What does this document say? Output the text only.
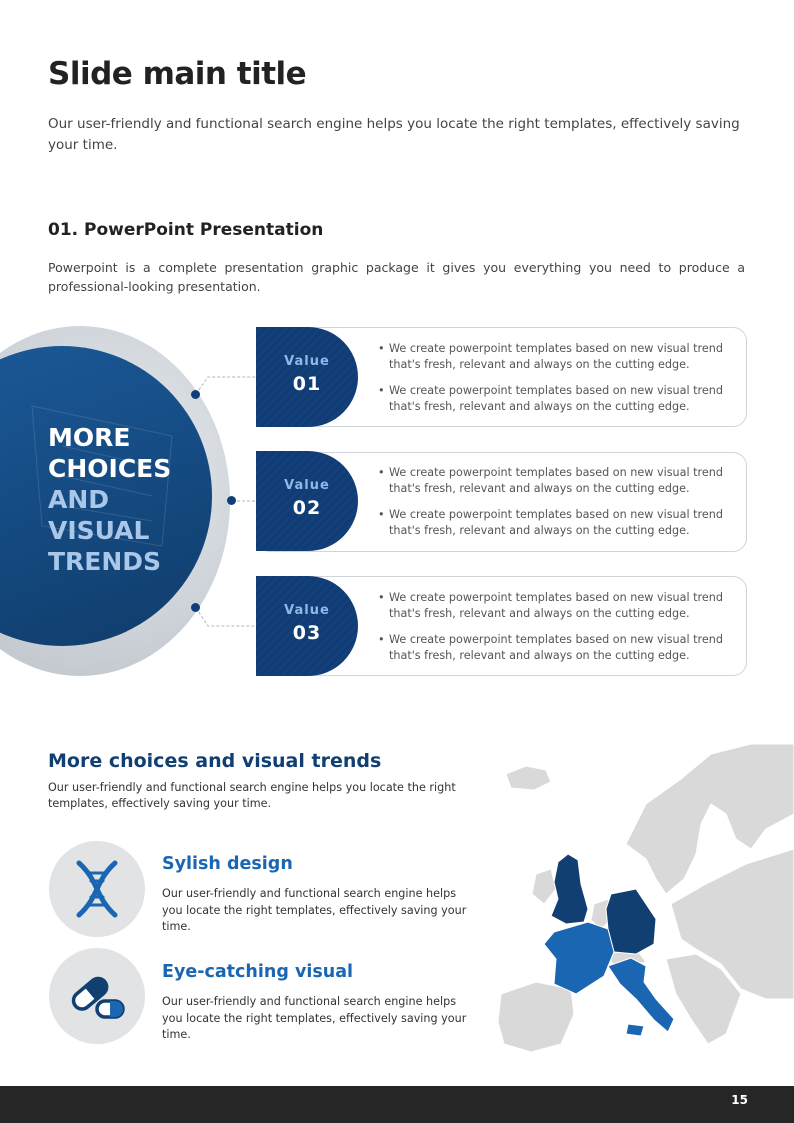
Slide main title
Our user-friendly and functional search engine helps you locate the right templates, effectively saving your time.
01. PowerPoint Presentation
Powerpoint is a complete presentation graphic package it gives you everything you need to produce a professional-looking presentation.
MORE
CHOICES
AND
VISUAL
TRENDS
Value
01
• We create powerpoint templates based on new visual trend that's fresh, relevant and always on the cutting edge.
• We create powerpoint templates based on new visual trend that's fresh, relevant and always on the cutting edge.
Value
02
• We create powerpoint templates based on new visual trend that's fresh, relevant and always on the cutting edge.
• We create powerpoint templates based on new visual trend that's fresh, relevant and always on the cutting edge.
Value
03
• We create powerpoint templates based on new visual trend that's fresh, relevant and always on the cutting edge.
• We create powerpoint templates based on new visual trend that's fresh, relevant and always on the cutting edge.
More choices and visual trends
Our user-friendly and functional search engine helps you locate the right templates, effectively saving your time.
Sylish design
Our user-friendly and functional search engine helps you locate the right templates, effectively saving your time.
Eye-catching visual
Our user-friendly and functional search engine helps you locate the right templates, effectively saving your time.
15
